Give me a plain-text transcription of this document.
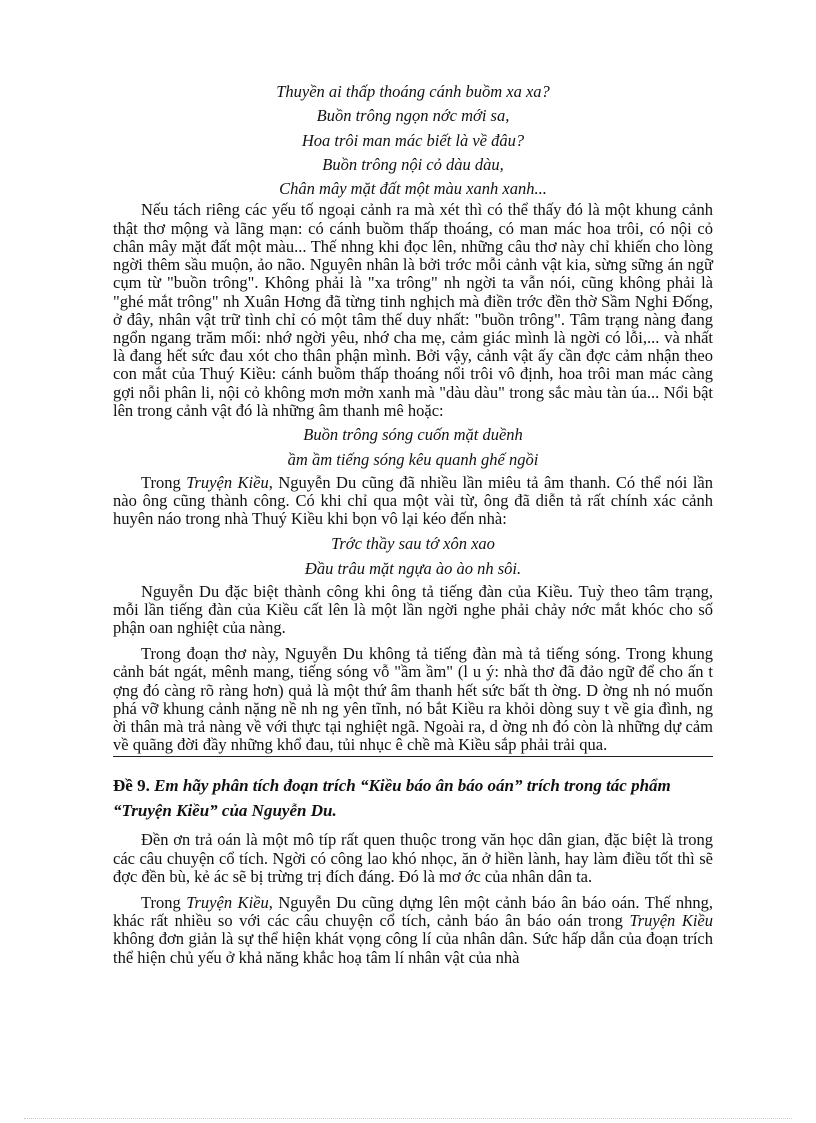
Thuyền ai thấp thoáng cánh buồm xa xa?

Buồn trông ngọn nớc mới sa,

Hoa trôi man mác biết là về đâu?

Buồn trông nội cỏ dàu dàu,

Chân mây mặt đất một màu xanh xanh...

Nếu tách riêng các yếu tố ngoại cảnh ra mà xét thì có thể thấy đó là một khung cảnh thật thơ mộng và lãng mạn: có cánh buồm thấp thoáng, có man mác hoa trôi, có nội cỏ chân mây mặt đất một màu... Thế nhng khi đọc lên, những câu thơ này chỉ khiến cho lòng ngời thêm sầu muộn, ảo não. Nguyên nhân là bởi trớc mỗi cảnh vật kia, sừng sững án ngữ cụm từ "buồn trông". Không phải là "xa trông" nh ngời ta vẫn nói, cũng không phải là "ghé mắt trông" nh Xuân Hơng đã từng tinh nghịch mà điền trớc đền thờ Sầm Nghi Đống, ở đây, nhân vật trữ tình chỉ có một tâm thế duy nhất: "buồn trông". Tâm trạng nàng đang ngổn ngang trăm mối: nhớ ngời yêu, nhớ cha mẹ, cảm giác mình là ngời có lỗi,... và nhất là đang hết sức đau xót cho thân phận mình. Bởi vậy, cảnh vật ấy cần đợc cảm nhận theo con mắt của Thuý Kiều: cánh buồm thấp thoáng nổi trôi vô định, hoa trôi man mác càng gợi nỗi phân li, nội cỏ không mơn mởn xanh mà "dàu dàu" trong sắc màu tàn úa... Nổi bật lên trong cảnh vật đó là những âm thanh mê hoặc:

Buồn trông sóng cuốn mặt duềnh

ầm ầm tiếng sóng kêu quanh ghế ngồi

Trong Truyện Kiều, Nguyễn Du cũng đã nhiều lần miêu tả âm thanh. Có thể nói lần nào ông cũng thành công. Có khi chỉ qua một vài từ, ông đã diễn tả rất chính xác cảnh huyên náo trong nhà Thuý Kiều khi bọn vô lại kéo đến nhà:

Trớc thầy sau tớ xôn xao

Đầu trâu mặt ngựa ào ào nh sôi.

Nguyễn Du đặc biệt thành công khi ông tả tiếng đàn của Kiều. Tuỳ theo tâm trạng, mỗi lần tiếng đàn của Kiều cất lên là một lần ngời nghe phải chảy nớc mắt khóc cho số phận oan nghiệt của nàng.

Trong đoạn thơ này, Nguyễn Du không tả tiếng đàn mà tả tiếng sóng. Trong khung cảnh bát ngát, mênh mang, tiếng sóng vỗ "ầm ầm" (l u ý: nhà thơ đã đảo ngữ để cho ấn t ợng đó càng rõ ràng hơn) quả là một thứ âm thanh hết sức bất th ờng. D ờng nh nó muốn phá vỡ khung cảnh nặng nề nh ng yên tĩnh, nó bắt Kiều ra khỏi dòng suy t về gia đình, ng ời thân mà trả nàng về với thực tại nghiệt ngã. Ngoài ra, d ờng nh đó còn là những dự cảm về quãng đời đầy những khổ đau, tủi nhục ê chề mà Kiều sắp phải trải qua.

Đề 9. Em hãy phân tích đoạn trích “Kiều báo ân báo oán” trích trong tác phẩm “Truyện Kiều” của Nguyễn Du.

Đền ơn trả oán là một mô típ rất quen thuộc trong văn học dân gian, đặc biệt là trong các câu chuyện cổ tích. Ngời có công lao khó nhọc, ăn ở hiền lành, hay làm điều tốt thì sẽ đợc đền bù, kẻ ác sẽ bị trừng trị đích đáng. Đó là mơ ớc của nhân dân ta.

Trong Truyện Kiều, Nguyễn Du cũng dựng lên một cảnh báo ân báo oán. Thế nhng, khác rất nhiều so với các câu chuyện cổ tích, cảnh báo ân báo oán trong Truyện Kiều không đơn giản là sự thể hiện khát vọng công lí của nhân dân. Sức hấp dẫn của đoạn trích thể hiện chủ yếu ở khả năng khắc hoạ tâm lí nhân vật của nhà
